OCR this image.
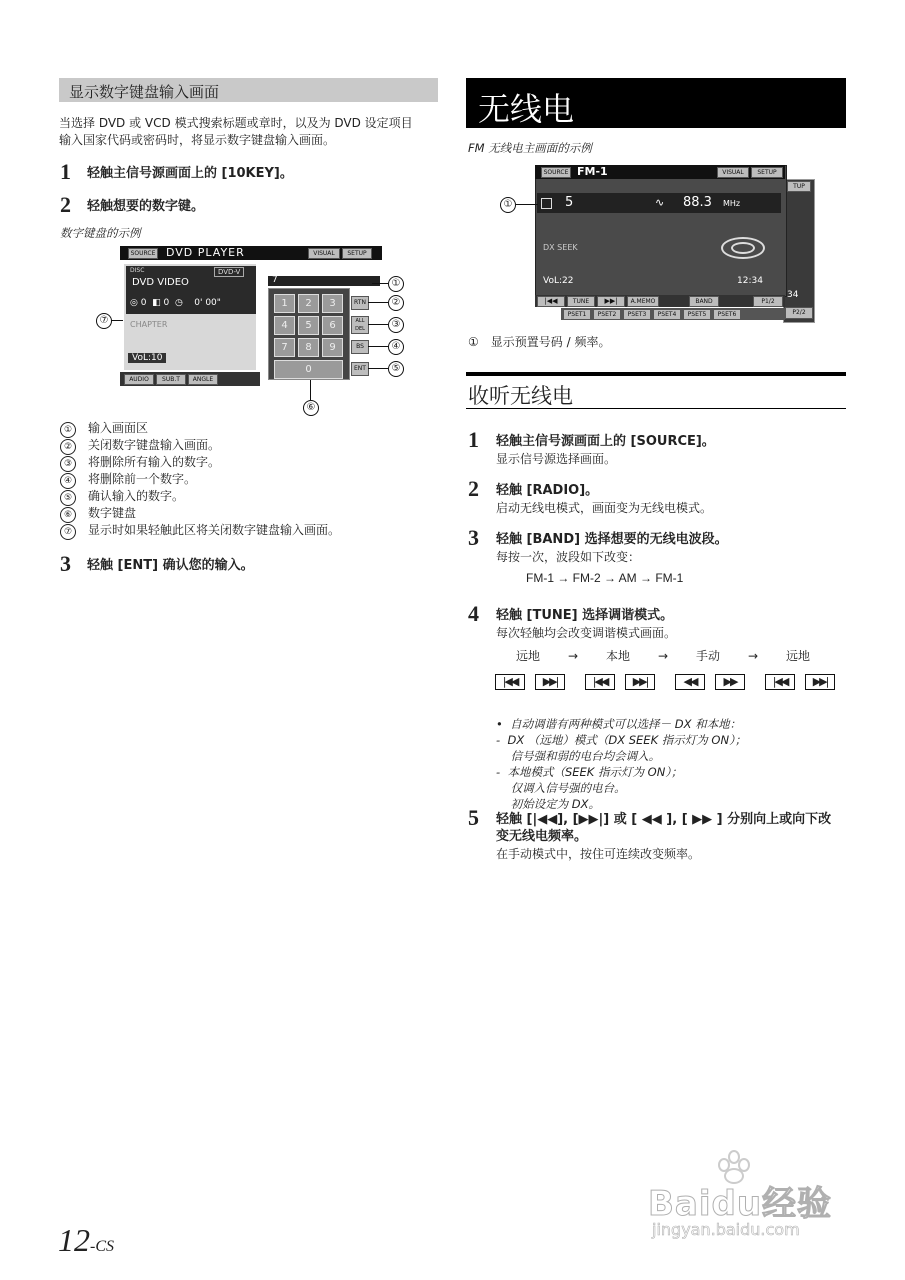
显示数字键盘输入画面
当选择 DVD 或 VCD 模式搜索标题或章时，以及为 DVD 设定项目
输入国家代码或密码时，将显示数字键盘输入画面。
1 轻触主信号源画面上的 [10KEY]。
2 轻触想要的数字键。
数字键盘的示例
SOURCE DVD PLAYER	VISUAL	SETUP
DISC	DVD-V
DVD VIDEO
◎ 0  ◧ 0  ◷    0' 00"
CHAPTER
VoL:10
7
1	2	3
4	5	6
7	8	9
0
RTN
ALL DEL
BS
ENT
AUDIO	SUB.T	ANGLE
①
②
③
④
⑤
⑥
⑦
① 输入画面区
② 关闭数字键盘输入画面。
③ 将删除所有输入的数字。
④ 将删除前一个数字。
⑤ 确认输入的数字。
⑥ 数字键盘
⑦ 显示时如果轻触此区将关闭数字键盘输入画面。
3 轻触 [ENT] 确认您的输入。
无线电
FM 无线电主画面的示例
TUP
34
P2/2
SOURCE FM-1	VISUAL	SETUP
5	∿ 88.3 MHz
DX SEEK
VoL:22	12:34
|◀◀	TUNE	▶▶|	A.MEMO	BAND	P1/2
PSET1	PSET2	PSET3	PSET4	PSET5	PSET6
①
① 显示预置号码 / 频率。
收听无线电
1 轻触主信号源画面上的 [SOURCE]。
显示信号源选择画面。
2 轻触 [RADIO]。
启动无线电模式，画面变为无线电模式。
3 轻触 [BAND] 选择想要的无线电波段。
每按一次，波段如下改变：
FM-1 → FM-2 → AM → FM-1
4 轻触 [TUNE] 选择调谐模式。
每次轻触均会改变调谐模式画面。
远地 → 本地 → 手动 → 远地
|◀◀	▶▶|	|◀◀	▶▶|	◀◀	▶▶	|◀◀	▶▶|

•  自动调谐有两种模式可以选择－ DX 和本地：
-  DX （远地）模式（DX SEEK 指示灯为 ON）；
信号强和弱的电台均会调入。
-  本地模式（SEEK 指示灯为 ON）；
仅调入信号强的电台。
初始设定为 DX。

5 轻触 [|◀◀], [▶▶|] 或 [ ◀◀ ], [ ▶▶ ] 分别向上或向下改
变无线电频率。
在手动模式中，按住可连续改变频率。
12-CS
Baidu经验
jingyan.baidu.com
